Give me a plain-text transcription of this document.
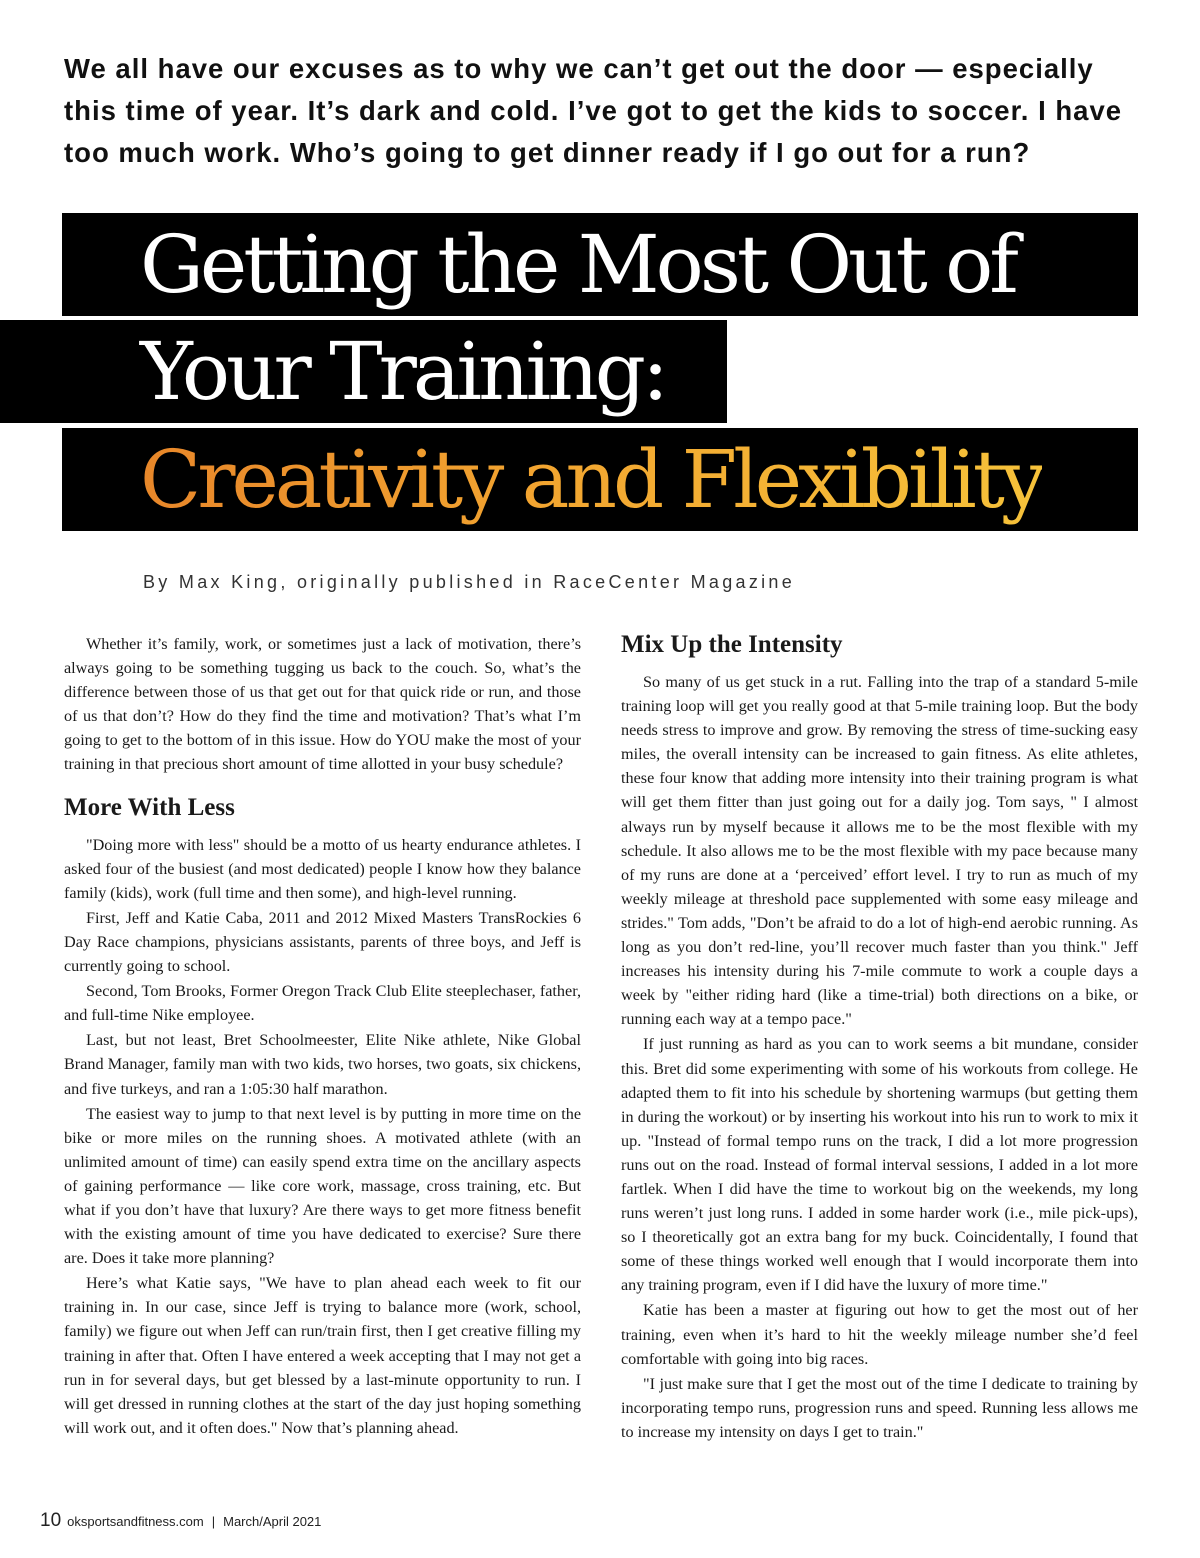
We all have our excuses as to why we can’t get out the door — especially this time of year. It’s dark and cold. I’ve got to get the kids to soccer. I have too much work. Who’s going to get dinner ready if I go out for a run?

Getting the Most Out of
Your Training:
Creativity and Flexibility

By Max King, originally published in RaceCenter Magazine

Whether it’s family, work, or sometimes just a lack of motivation, there’s always going to be something tugging us back to the couch. So, what’s the difference between those of us that get out for that quick ride or run, and those of us that don’t? How do they find the time and motivation? That’s what I’m going to get to the bottom of in this issue. How do YOU make the most of your training in that precious short amount of time allotted in your busy schedule?

More With Less

"Doing more with less" should be a motto of us hearty endurance athletes. I asked four of the busiest (and most dedicated) people I know how they balance family (kids), work (full time and then some), and high-level running.

First, Jeff and Katie Caba, 2011 and 2012 Mixed Masters TransRockies 6 Day Race champions, physicians assistants, parents of three boys, and Jeff is currently going to school.

Second, Tom Brooks, Former Oregon Track Club Elite steeplechaser, father, and full-time Nike employee.

Last, but not least, Bret Schoolmeester, Elite Nike athlete, Nike Global Brand Manager, family man with two kids, two horses, two goats, six chickens, and five turkeys, and ran a 1:05:30 half marathon.

The easiest way to jump to that next level is by putting in more time on the bike or more miles on the running shoes. A motivated athlete (with an unlimited amount of time) can easily spend extra time on the ancillary aspects of gaining performance — like core work, massage, cross training, etc. But what if you don’t have that luxury? Are there ways to get more fitness benefit with the existing amount of time you have dedicated to exercise? Sure there are. Does it take more planning?

Here’s what Katie says, "We have to plan ahead each week to fit our training in. In our case, since Jeff is trying to balance more (work, school, family) we figure out when Jeff can run/train first, then I get creative filling my training in after that. Often I have entered a week accepting that I may not get a run in for several days, but get blessed by a last-minute opportunity to run. I will get dressed in running clothes at the start of the day just hoping something will work out, and it often does." Now that’s planning ahead.

Mix Up the Intensity

So many of us get stuck in a rut. Falling into the trap of a standard 5-mile training loop will get you really good at that 5-mile training loop. But the body needs stress to improve and grow. By removing the stress of time-sucking easy miles, the overall intensity can be increased to gain fitness. As elite athletes, these four know that adding more intensity into their training program is what will get them fitter than just going out for a daily jog. Tom says, " I almost always run by myself because it allows me to be the most flexible with my schedule. It also allows me to be the most flexible with my pace because many of my runs are done at a ‘perceived’ effort level. I try to run as much of my weekly mileage at threshold pace supplemented with some easy mileage and strides." Tom adds, "Don’t be afraid to do a lot of high-end aerobic running. As long as you don’t red-line, you’ll recover much faster than you think." Jeff increases his intensity during his 7-mile commute to work a couple days a week by "either riding hard (like a time-trial) both directions on a bike, or running each way at a tempo pace."

If just running as hard as you can to work seems a bit mundane, consider this. Bret did some experimenting with some of his workouts from college. He adapted them to fit into his schedule by shortening warmups (but getting them in during the workout) or by inserting his workout into his run to work to mix it up. "Instead of formal tempo runs on the track, I did a lot more progression runs out on the road. Instead of formal interval sessions, I added in a lot more fartlek. When I did have the time to workout big on the weekends, my long runs weren’t just long runs. I added in some harder work (i.e., mile pick-ups), so I theoretically got an extra bang for my buck. Coincidentally, I found that some of these things worked well enough that I would incorporate them into any training program, even if I did have the luxury of more time."

Katie has been a master at figuring out how to get the most out of her training, even when it’s hard to hit the weekly mileage number she’d feel comfortable with going into big races.

"I just make sure that I get the most out of the time I dedicate to training by incorporating tempo runs, progression runs and speed. Running less allows me to increase my intensity on days I get to train."

10 oksportsandfitness.com | March/April 2021
